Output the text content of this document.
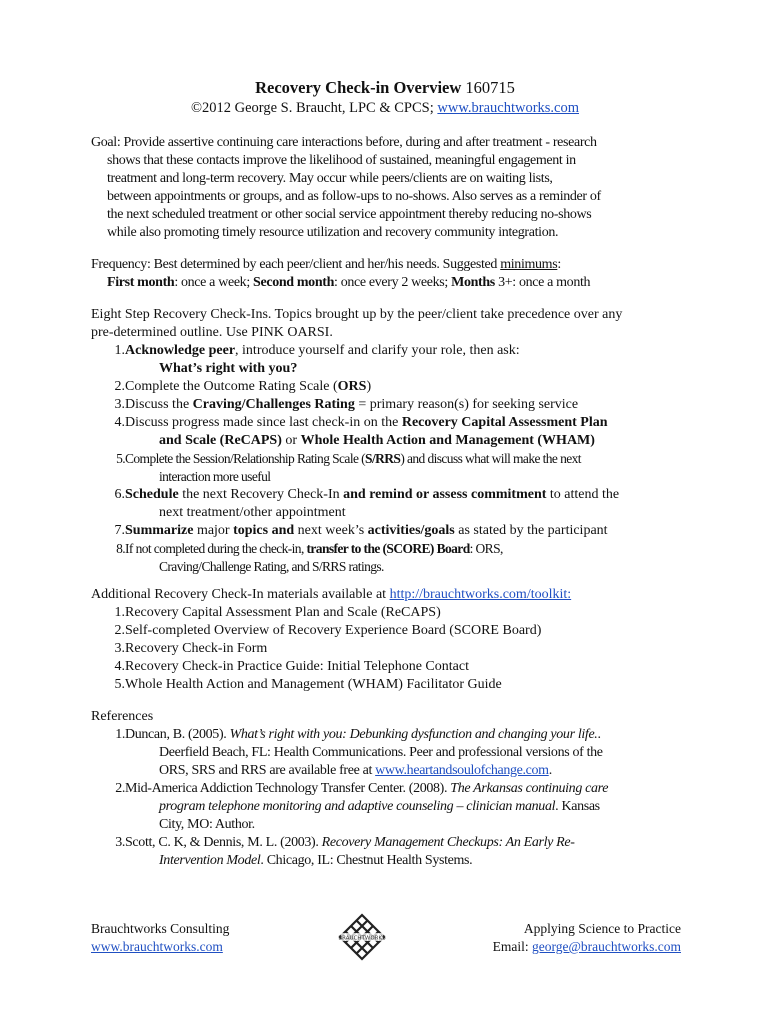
Recovery Check-in Overview 160715
©2012 George S. Braucht, LPC & CPCS; www.brauchtworks.com
Goal: Provide assertive continuing care interactions before, during and after treatment - research
shows that these contacts improve the likelihood of sustained, meaningful engagement in
treatment and long-term recovery. May occur while peers/clients are on waiting lists,
between appointments or groups, and as follow-ups to no-shows. Also serves as a reminder of
the next scheduled treatment or other social service appointment thereby reducing no-shows
while also promoting timely resource utilization and recovery community integration.
Frequency: Best determined by each peer/client and her/his needs. Suggested minimums:
First month: once a week; Second month: once every 2 weeks; Months 3+: once a month
Eight Step Recovery Check-Ins. Topics brought up by the peer/client take precedence over any
pre-determined outline. Use PINK OARSI.
1. Acknowledge peer, introduce yourself and clarify your role, then ask:
What’s right with you?
2. Complete the Outcome Rating Scale (ORS)
3. Discuss the Craving/Challenges Rating = primary reason(s) for seeking service
4. Discuss progress made since last check-in on the Recovery Capital Assessment Plan
and Scale (ReCAPS) or Whole Health Action and Management (WHAM)
5. Complete the Session/Relationship Rating Scale (S/RRS) and discuss what will make the next
interaction more useful
6. Schedule the next Recovery Check-In and remind or assess commitment to attend the
next treatment/other appointment
7. Summarize major topics and next week’s activities/goals as stated by the participant
8. If not completed during the check-in, transfer to the (SCORE) Board: ORS,
Craving/Challenge Rating, and S/RRS ratings.
Additional Recovery Check-In materials available at http://brauchtworks.com/toolkit:
1. Recovery Capital Assessment Plan and Scale (ReCAPS)
2. Self-completed Overview of Recovery Experience Board (SCORE Board)
3. Recovery Check-in Form
4. Recovery Check-in Practice Guide: Initial Telephone Contact
5. Whole Health Action and Management (WHAM) Facilitator Guide
References
1. Duncan, B. (2005). What’s right with you: Debunking dysfunction and changing your life..
Deerfield Beach, FL: Health Communications. Peer and professional versions of the
ORS, SRS and RRS are available free at www.heartandsoulofchange.com.
2. Mid-America Addiction Technology Transfer Center. (2008). The Arkansas continuing care
program telephone monitoring and adaptive counseling – clinician manual. Kansas
City, MO: Author.
3. Scott, C. K, & Dennis, M. L. (2003). Recovery Management Checkups: An Early Re-
Intervention Model. Chicago, IL: Chestnut Health Systems.
Brauchtworks Consulting
www.brauchtworks.com
BRAUCHTWORKS
Applying Science to Practice
Email: george@brauchtworks.com
